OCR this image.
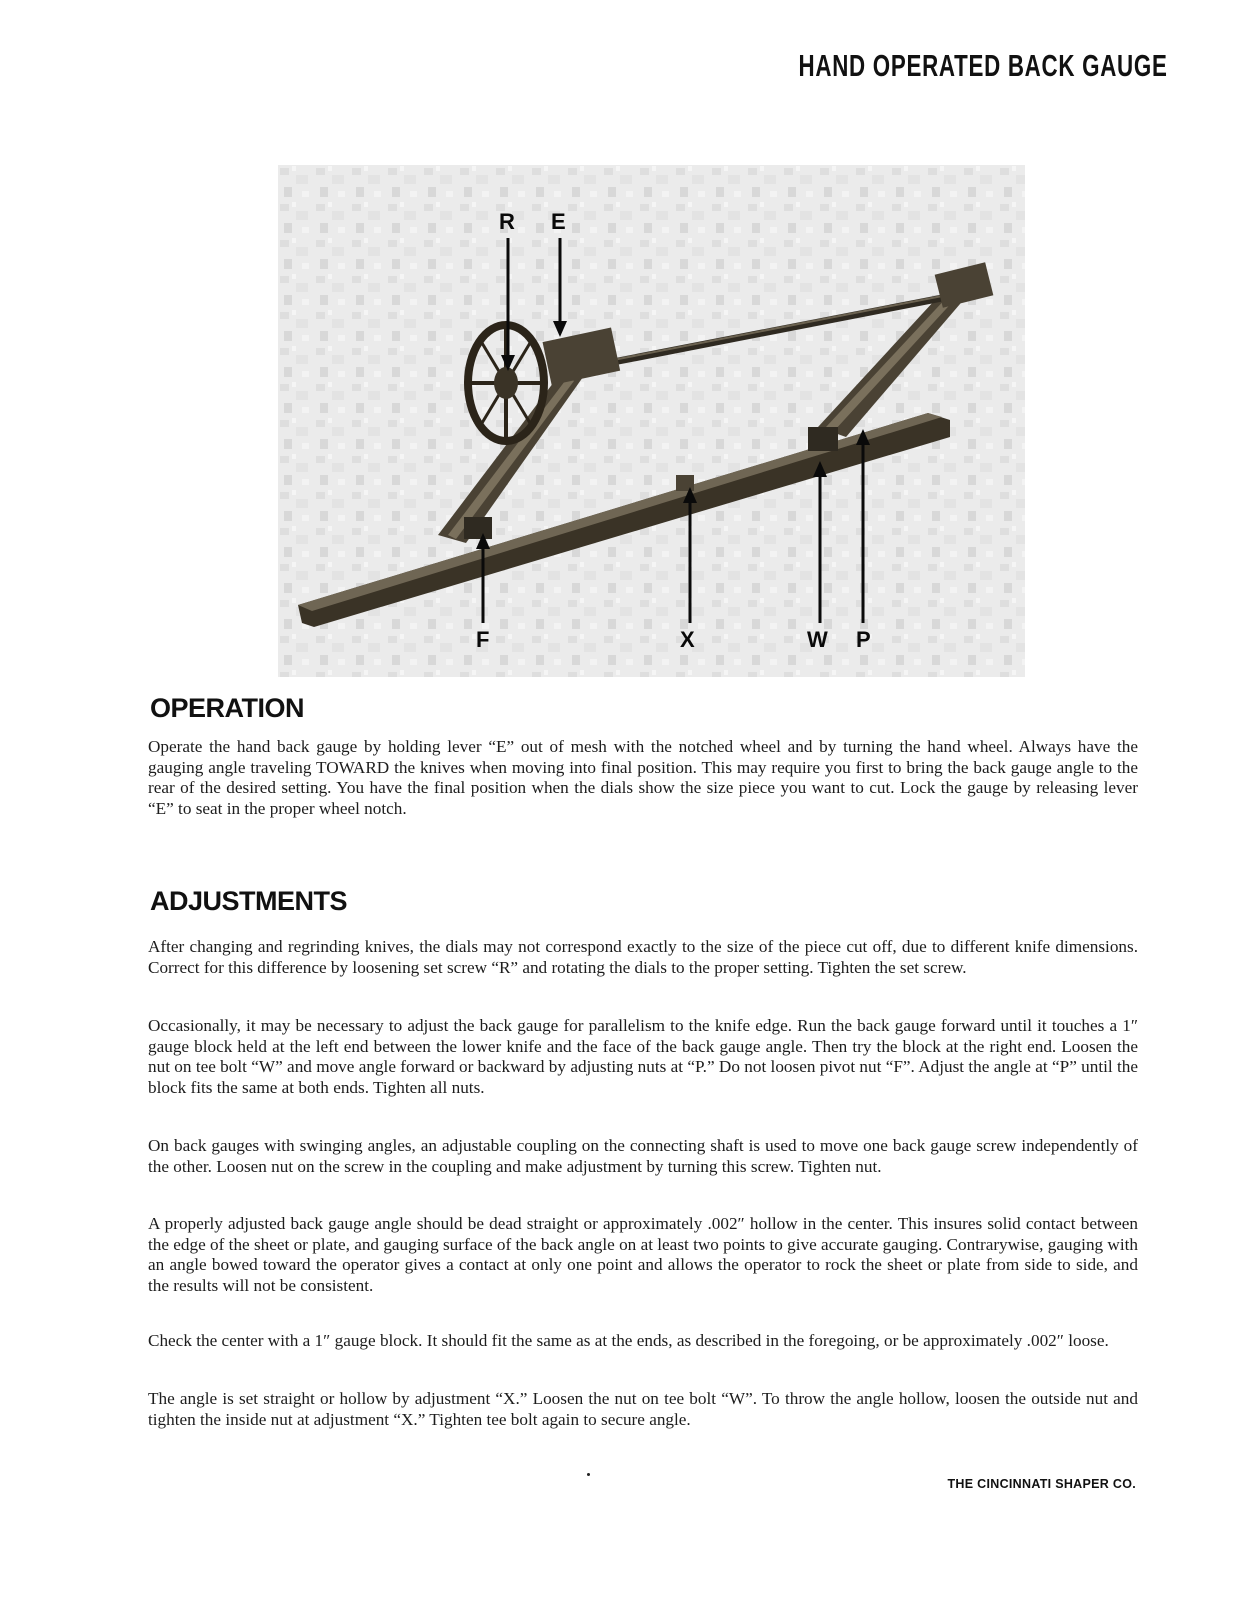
HAND OPERATED BACK GAUGE
R E
F	X	W P
OPERATION

Operate the hand back gauge by holding lever “E” out of mesh with the notched wheel and by turning the hand wheel. Always have the gauging angle traveling TOWARD the knives when moving into final position. This may require you first to bring the back gauge angle to the rear of the desired setting. You have the final position when the dials show the size piece you want to cut. Lock the gauge by releasing lever “E” to seat in the proper wheel notch.

ADJUSTMENTS

After changing and regrinding knives, the dials may not correspond exactly to the size of the piece cut off, due to different knife dimensions. Correct for this difference by loosening set screw “R” and rotating the dials to the proper setting. Tighten the set screw.

Occasionally, it may be necessary to adjust the back gauge for parallelism to the knife edge. Run the back gauge forward until it touches a 1″ gauge block held at the left end between the lower knife and the face of the back gauge angle. Then try the block at the right end. Loosen the nut on tee bolt “W” and move angle forward or backward by adjusting nuts at “P.” Do not loosen pivot nut “F”. Adjust the angle at “P” until the block fits the same at both ends. Tighten all nuts.

On back gauges with swinging angles, an adjustable coupling on the connecting shaft is used to move one back gauge screw independently of the other. Loosen nut on the screw in the coupling and make adjustment by turning this screw. Tighten nut.

A properly adjusted back gauge angle should be dead straight or approximately .002″ hollow in the center. This insures solid contact between the edge of the sheet or plate, and gauging surface of the back angle on at least two points to give accurate gauging. Contrarywise, gauging with an angle bowed toward the operator gives a contact at only one point and allows the operator to rock the sheet or plate from side to side, and the results will not be consistent.

Check the center with a 1″ gauge block. It should fit the same as at the ends, as described in the foregoing, or be approximately .002″ loose.

The angle is set straight or hollow by adjustment “X.” Loosen the nut on tee bolt “W”. To throw the angle hollow, loosen the outside nut and tighten the inside nut at adjustment “X.” Tighten tee bolt again to secure angle.

THE CINCINNATI SHAPER CO.
